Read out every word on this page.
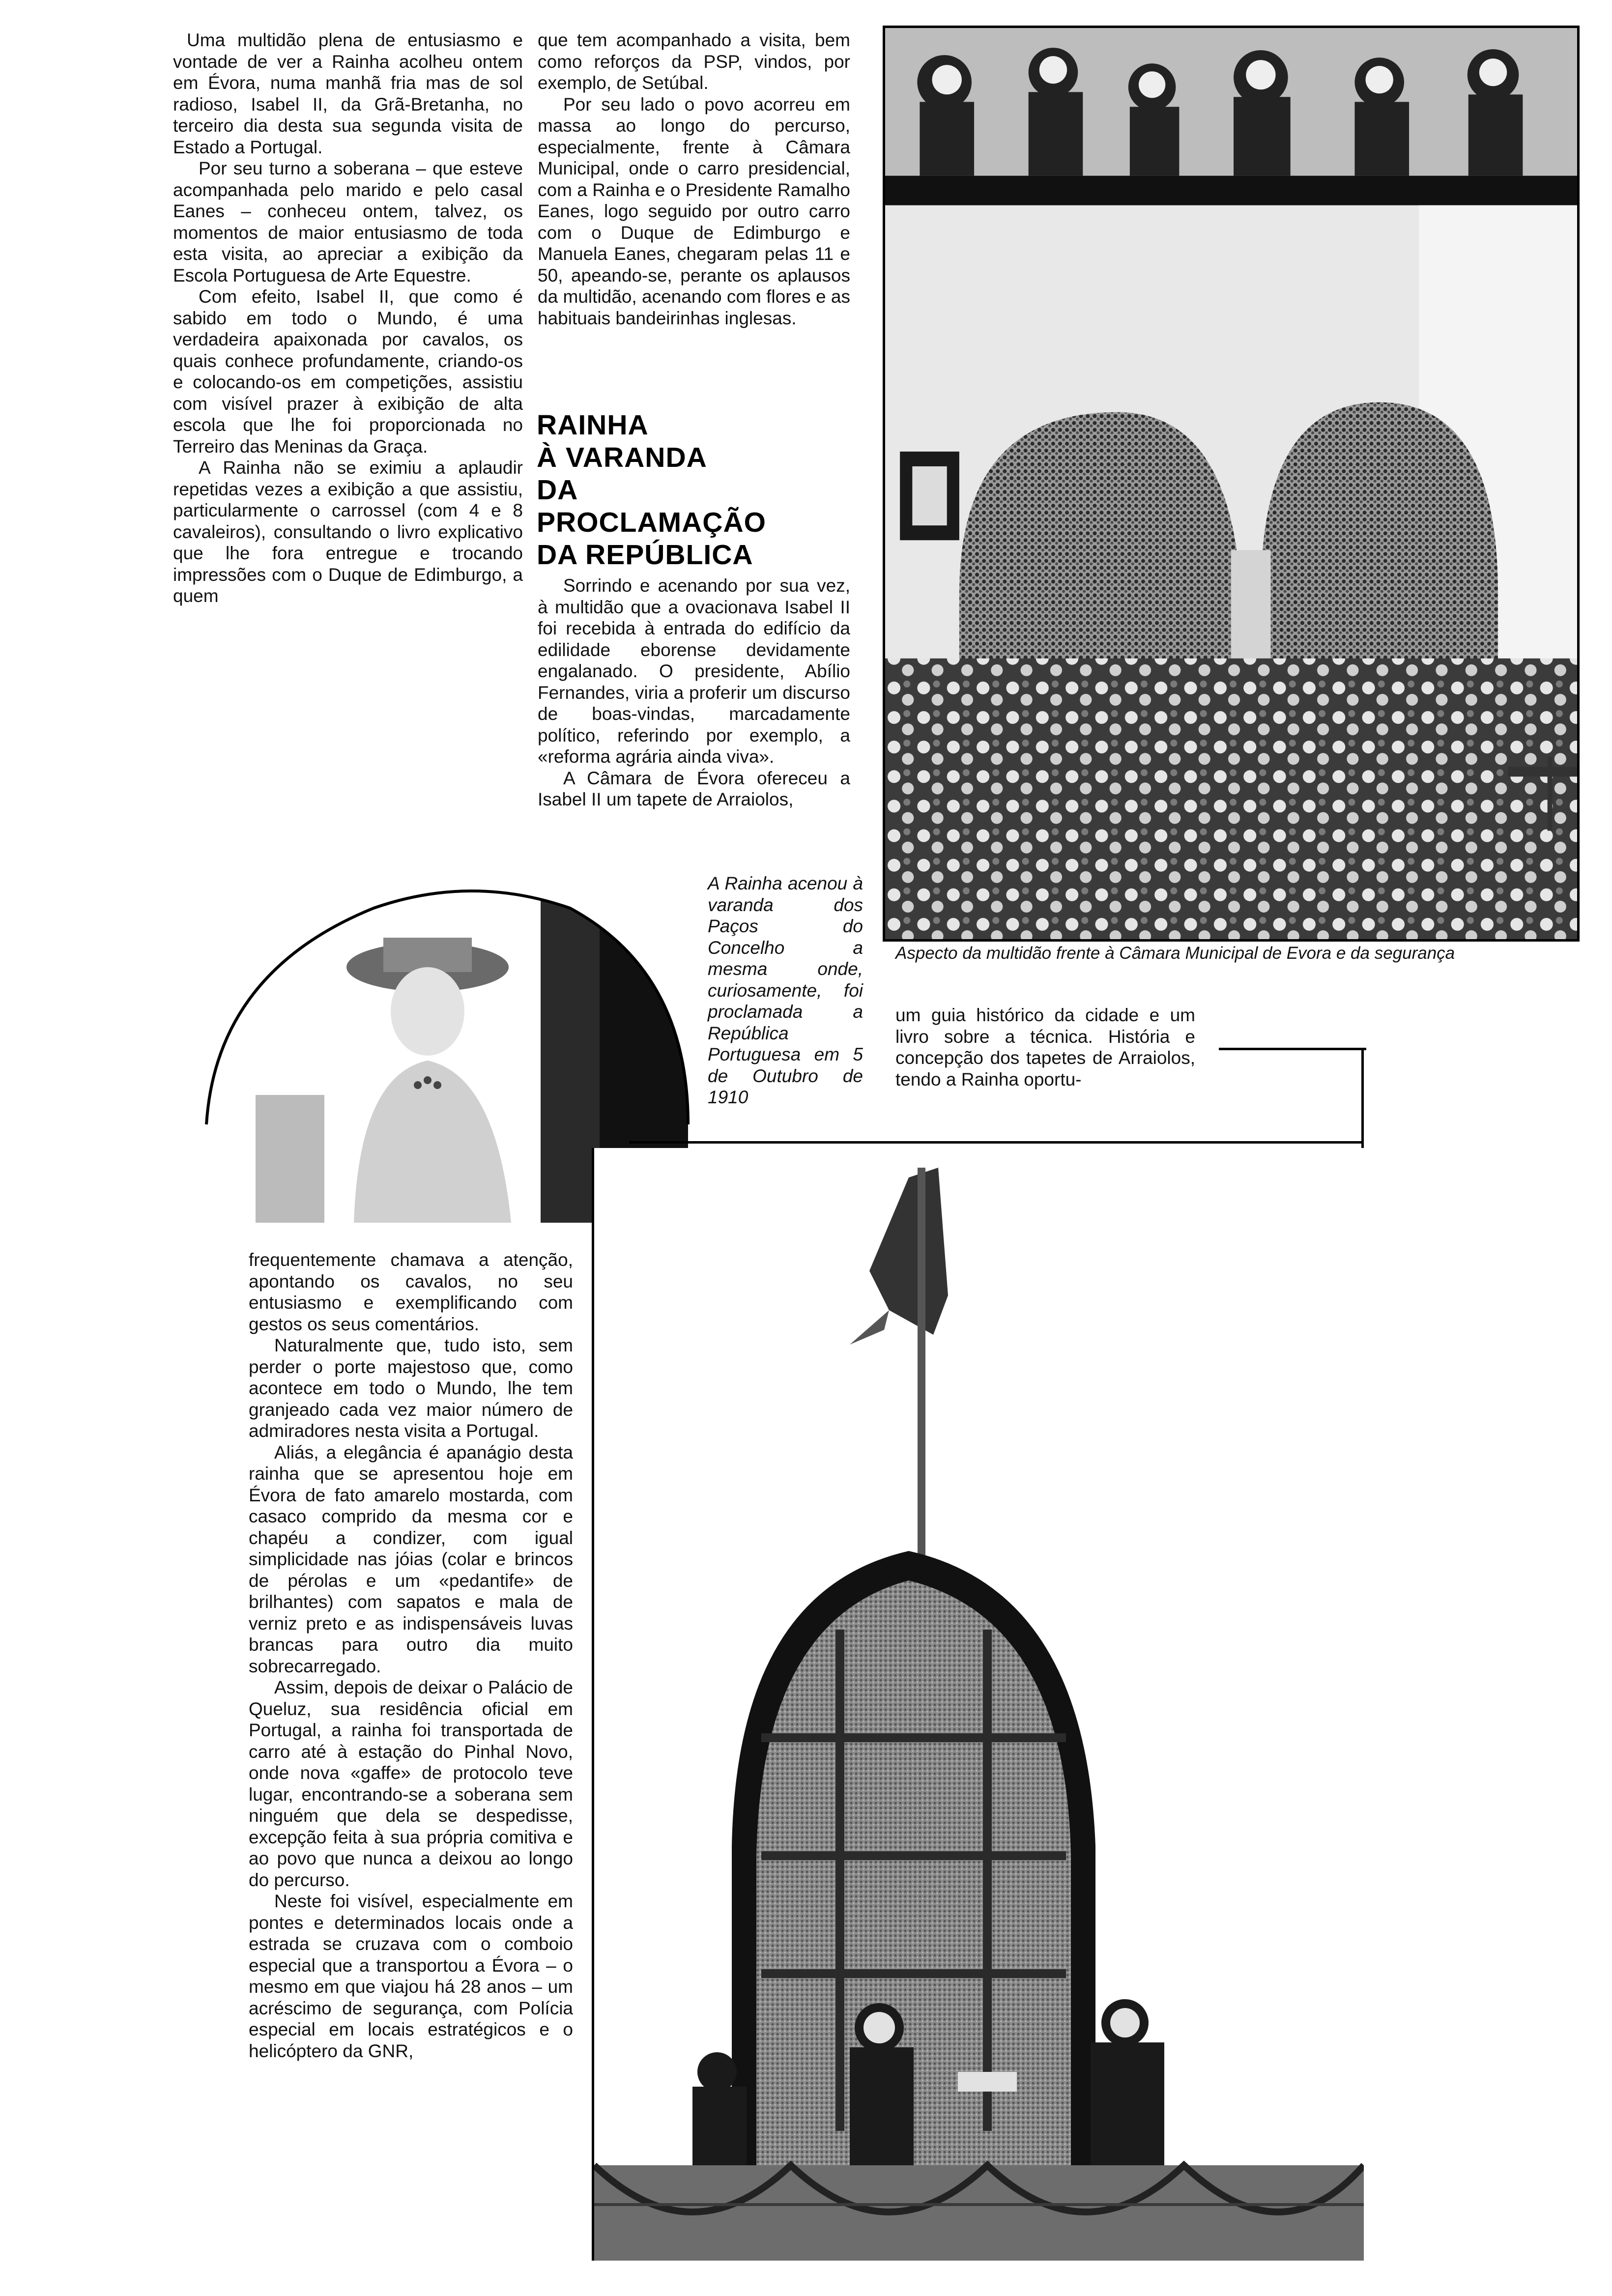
Uma multidão plena de entusiasmo e vontade de ver a Rainha acolheu ontem em Évora, numa manhã fria mas de sol radioso, Isabel II, da Grã-Bretanha, no terceiro dia desta sua segunda visita de Estado a Portugal.

Por seu turno a soberana – que esteve acompanhada pelo marido e pelo casal Eanes – conheceu ontem, talvez, os momentos de maior entusiasmo de toda esta visita, ao apreciar a exibição da Escola Portuguesa de Arte Equestre.

Com efeito, Isabel II, que como é sabido em todo o Mundo, é uma verdadeira apaixonada por cavalos, os quais conhece profundamente, criando-os e colocando-os em competições, assistiu com visível prazer à exibição de alta escola que lhe foi proporcionada no Terreiro das Meninas da Graça.

A Rainha não se eximiu a aplaudir repetidas vezes a exibição a que assistiu, particularmente o carrossel (com 4 e 8 cavaleiros), consultando o livro explicativo que lhe fora entregue e trocando impressões com o Duque de Edimburgo, a quem

que tem acompanhado a visita, bem como reforços da PSP, vindos, por exemplo, de Setúbal.

Por seu lado o povo acorreu em massa ao longo do percurso, especialmente, frente à Câmara Municipal, onde o carro presidencial, com a Rainha e o Presidente Ramalho Eanes, logo seguido por outro carro com o Duque de Edimburgo e Manuela Eanes, chegaram pelas 11 e 50, apeando-se, perante os aplausos da multidão, acenando com flores e as habituais bandeirinhas inglesas.

RAINHA
À VARANDA
DA
PROCLAMAÇÃO
DA REPÚBLICA

Sorrindo e acenando por sua vez, à multidão que a ovacionava Isabel II foi recebida à entrada do edifício da edilidade eborense devidamente engalanado. O presidente, Abílio Fernandes, viria a proferir um discurso de boas-vindas, marcadamente político, referindo por exemplo, a «reforma agrária ainda viva».

A Câmara de Évora ofereceu a Isabel II um tapete de Arraiolos,

A Rainha acenou à varanda dos Paços do Concelho a mesma onde, curiosamente, foi proclamada a República Portuguesa em 5 de Outubro de 1910
Aspecto da multidão frente à Câmara Municipal de Evora e da segurança

um guia histórico da cidade e um livro sobre a técnica. História e concepção dos tapetes de Arraiolos, tendo a Rainha oportu-

frequentemente chamava a atenção, apontando os cavalos, no seu entusiasmo e exemplificando com gestos os seus comentários.

Naturalmente que, tudo isto, sem perder o porte majestoso que, como acontece em todo o Mundo, lhe tem granjeado cada vez maior número de admiradores nesta visita a Portugal.

Aliás, a elegância é apanágio desta rainha que se apresentou hoje em Évora de fato amarelo mostarda, com casaco comprido da mesma cor e chapéu a condizer, com igual simplicidade nas jóias (colar e brincos de pérolas e um «pedantife» de brilhantes) com sapatos e mala de verniz preto e as indispensáveis luvas brancas para outro dia muito sobrecarregado.

Assim, depois de deixar o Palácio de Queluz, sua residência oficial em Portugal, a rainha foi transportada de carro até à estação do Pinhal Novo, onde nova «gaffe» de protocolo teve lugar, encontrando-se a soberana sem ninguém que dela se despedisse, excepção feita à sua própria comitiva e ao povo que nunca a deixou ao longo do percurso.

Neste foi visível, especialmente em pontes e determinados locais onde a estrada se cruzava com o comboio especial que a transportou a Évora – o mesmo em que viajou há 28 anos – um acréscimo de segurança, com Polícia especial em locais estratégicos e o helicóptero da GNR,
